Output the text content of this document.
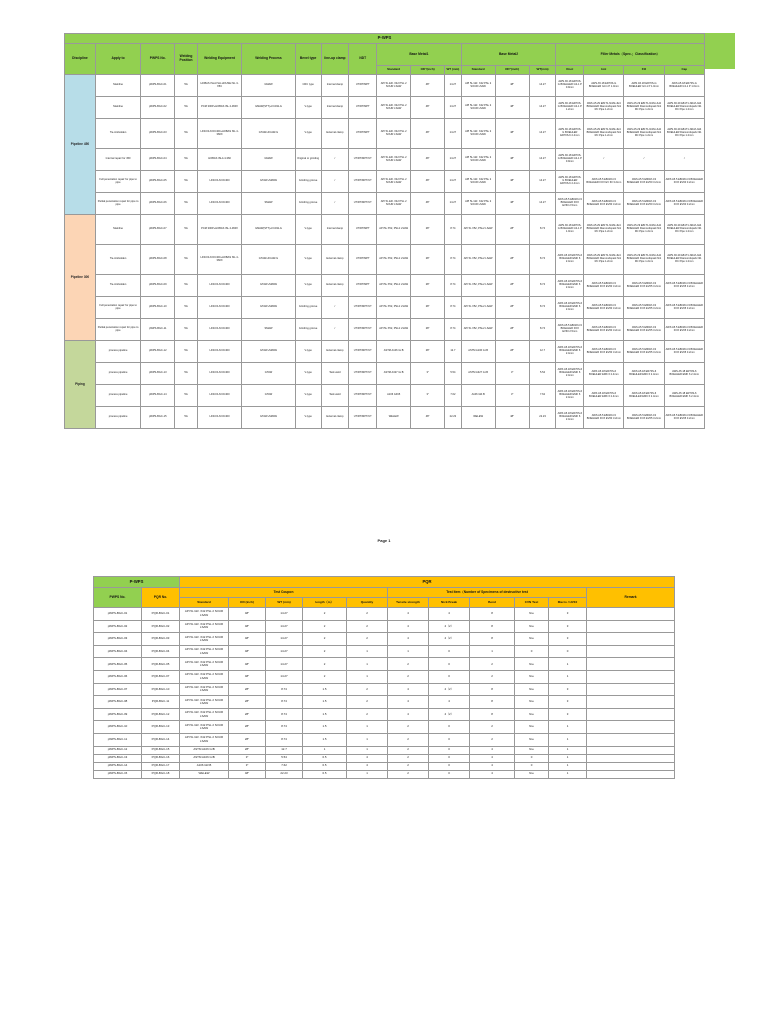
P-WPS																		
Discipline	Apply to	PWPS No.	Welding Position	Welding Equipment	Welding Process	Bevel type	line-up clamp	NDT	Base Metal1			Base Metal2			Filler Metals（Spec.；Classification）			
									Standard	OD"(inch)	WT (mm)	Standard	OD"(inch)	WT(mm)	Root	Hot	Fill	Cap
Pipeline 450	Mainline	pWPS-BGC-01	5G	HOBAS ISLA ISH-HOUSE ISL 3-X5C	GMAW	CRC type	Internal clamp	UT/RT/MPT	API 5L ER. X42 PSL 2 SOUR LSAW	48"	14.27	API 5L GR. X42 PSL 2 SOUR LSAW	48"	14.27	AWS A5.18 ER70S-G BOEHLER G3-1 P 0.9mm	AWS A5.18 ER70S-G BOEHLER G3-1 P 1.0mm	AWS A5.18 ER70S-G BOEHLER G3-1 P 1.0mm	AWS A5.18 ER70S-G BOEHLER G3-1 P 1.0mm
	Mainline	pWPS-BGC-02	5G	PCM 300P+HOBAS ISL 4-360X	GMAW(STT)+FCAW-G	V-type	Internal clamp	UT/RT/MPT	API 5L ER. X42 PSL 2 SOUR LSAW	48"	14.27	API 5L GR. X42 PSL 2 SOUR LSAW	48"	14.27	AWS A5.18 ER70S-G BOEHLER G3-1 P 1.2mm	AWS A5.29 E81T1-Ni1M-JH4 BOEHLER Diamondspark Ni1 RC Pipe 1.2mm	AWS A5.29 E81T1-Ni1M-JH4 BOEHLER Diamondspark Ni1 RC Pipe 1.2mm	AWS A5.29 E81T1-Ni1M-JH4 BOEHLER Diamondspark Ni1 RC Pipe 1.2mm
	Tie-in&Golden	pWPS-BGC-03	5G	LINCOLN DC400+HOBAS ISL 4-360X	GTAW+FCAW-G	V-type	External clamp	UT/RT/MPT	API 5L ER. X42 PSL 2 SOUR LSAW	48"	14.27	API 5L GR. X42 PSL 2 SOUR LSAW	48"	14.27	AWS A5.18 ER70S-G BOEHLER ER70S-6 2.4mm	AWS A5.29 E81T1-Ni1M-JH4 BOEHLER Diamondspark Ni1 RC Pipe 1.2mm	AWS A5.29 E81T1-Ni1M-JH4 BOEHLER Diamondspark Ni1 RC Pipe 1.2mm	AWS A5.29 E81T1-Ni1M-JH4 BOEHLER Diamondspark Ni1 RC Pipe 1.2mm
	Internal repair for 450	pWPS-BGC-04	5G	HOBAS ISLA 4-360	GMAW	Original or grinding	/	UT/RT/MPT/UT	API 5L ER. X42 PSL 2 SOUR LSAW	48"	14.27	API 5L GR. X42 PSL 2 SOUR LSAW	48"	14.27	AWS A5.18 ER70S-G BOEHLER G3-1 P 0.9mm	/	/	/
	Full penetration repair for pipe to pipe	pWPS-BGC-05	5G	LINCOLN DC400	GTAW+SMAW	Grinding groove	/	UT/RT/MPT/UT	API 5L ER. X42 PSL 2 SOUR LSAW	48"	14.27	API 5L GR. X42 PSL 2 SOUR LSAW	48"	14.27	AWS A5.18 ER70S-G BOEHLER ER70S-6 2.4mm	AWS A5.5 E8018-C3 BOEHLER FOX EV 60 3.2mm	AWS A5.5 E8018-C3 BOEHLER FOX EV60 3.2mm	AWS A5.5 E8018-C3 BOEHLER FOX EV60 3.2mm
	Partial penetration repair for pipe to pipe	pWPS-BGC-06	5G	LINCOLN DC400	SMAW	Grinding groove	/	UT/RT/MPT/UT	API 5L ER. X42 PSL 2 SOUR LSAW	48"	14.27	API 5L GR. X42 PSL 2 SOUR LSAW	48"	14.27	AWS A5.5 E8018-C3 BOEHLER FOX EV60 2.5mm	AWS A5.5 E8018-C3 BOEHLER FOX EV60 3.2mm	AWS A5.5 E8018-C3 BOEHLER FOX EV60 3.2mm	AWS A5.5 E8018-C3 BOEHLER FOX EV60 3.2mm
Pipeline 300	Mainline	pWPS-BGC-07	5G	PCM 300P+HOBAS ISL 4-360X	GMAW(STT)+FCAW-G	V-type	Internal clamp	UT/RT/MPT	API 5L X52, PSL2 LSAW	28"	8.74	API 5L X52, PSL2 LSAW	28"	8.74	AWS A5.18 ER70S-G BOEHLER G3-1 P 1.0mm	AWS A5.29 E81T1-Ni1M-JH4 BOEHLER Diamondspark Ni1 RC Pipe 1.2mm	AWS A5.29 E81T1-Ni1M-JH4 BOEHLER Diamondspark Ni1 RC Pipe 1.2mm	AWS A5.29 E81T1-Ni1M-JH4 BOEHLER Diamondspark Ni1 RC Pipe 1.2mm
	Tie-in&Golden	pWPS-BGC-08	5G	LINCOLN DC400+HOBAS ISL 4-360X	GTAW+FCAW-G	V-type	External clamp	UT/RT/MPT	API 5L X52, PSL2 LSAW	28"	8.74	API 5L X52, PSL2 LSAW	28"	8.74	AWS A5.18 ER70S-6 BOEHLER EMK 6 2.4mm	AWS A5.29 E81T1-Ni1M-JH4 BOEHLER Diamondspark Ni1 RC Pipe 1.2mm	AWS A5.29 E81T1-Ni1M-JH4 BOEHLER Diamondspark Ni1 RC Pipe 1.2mm	AWS A5.29 E81T1-Ni1M-JH4 BOEHLER Diamondspark Ni1 RC Pipe 1.2mm
	Tie-in&Golden	pWPS-BGC-09	5G	LINCOLN DC400	GTAW+SMAW	V-type	External clamp	UT/RT/MPT	API 5L X52, PSL2 LSAW	28"	8.74	API 5L X52, PSL2 LSAW	28"	8.74	AWS A5.18 ER70S-6 BOEHLER EMK 6 2.4mm	AWS A5.5 E8018-C3 BOEHLER FOX EV60 3.2mm	AWS A5.5 E8018-C3 BOEHLER FOX EV65 3.2mm	AWS A5.5 E8018-C3 BOEHLER FOX EV65 3.2mm
	Full penetration repair for pipe to pipe	pWPS-BGC-10	5G	LINCOLN DC400	GTAW+SMAW	Grinding groove	/	UT/RT/MPT/UT	API 5L X52, PSL2 LSAW	28"	8.74	API 5L X52, PSL2 LSAW	28"	8.74	AWS A5.18 ER70S-6 BOEHLER EMK 6 2.4mm	AWS A5.5 E8018-C3 BOEHLER FOX EV60 3.2mm	AWS A5.5 E8018-C3 BOEHLER FOX EV65 3.2mm	AWS A5.5 E8018-C3 BOEHLER FOX EV65 3.2mm
	Partial penetration repair for pipe to pipe	pWPS-BGC-11	5G	LINCOLN DC400	SMAW	Grinding groove	/	UT/RT/MPT/UT	API 5L X52, PSL2 LSAW	28"	8.74	API 5L X52, PSL2 LSAW	28"	8.74	AWS A5.5 E8018-C3 BOEHLER FOX EV60 2.5mm	AWS A5.5 E8018-C3 BOEHLER FOX EV60 3.2mm	AWS A5.5 E8018-C3 BOEHLER FOX EV65 3.2mm	AWS A5.5 E8018-C3 BOEHLER FOX EV65 3.2mm
Piping	process pipeline	pWPS-BGC-12	5G	LINCOLN DC400	GTAW+SMAW	V-type	External clamp	UT/RT/MPT/UT	ASTM A106 Gr.B	28"	12.7	ASTM A106 Gr.B	28"	12.7	AWS A5.18 ER70S-6 BOEHLER EMK 6 2.4mm	AWS A5.5 E8018-C3 BOEHLER FOX EV60 3.2mm	AWS A5.5 E8018-C3 BOEHLER FOX EV65 3.2mm	AWS A5.5 E8018-C3 BOEHLER FOX EV65 3.2mm
	process pipeline	pWPS-BGC-13	5G	LINCOLN DC400	GTAW	V-type	Tack weld	UT/RT/MPT/UT	ASTM A327 Gr.B	3"	5.54	ASTM A327 Gr.B	3"	5.54	AWS A5.18 ER70S-6 BOEHLER EMK 6 2.4mm	AWS A5.18 ER70S-6 BOEHLER EMK 6 2.4mm	AWS A5.18 ER70S-6 BOEHLER EMK 6 2.4mm	AWS A5.18 ER70S-6 BOEHLER EMK 6 2.4mm
	process pipeline	pWPS-BGC-14	5G	LINCOLN DC400	GTAW	V-type	Tack weld	UT/RT/MPT/UT	A106 GR.B	3"	7.62	A106 GR.B	3"	7.62	AWS A5.18 ER70S-6 BOEHLER EMK 6 2.4mm	AWS A5.18 ER70S-6 BOEHLER EMK 6 2.4mm	AWS A5.18 ER70S-6 BOEHLER EMK 6 2.4mm	AWS A5.18 ER70S-6 BOEHLER EMK 6 2.4mm
	process pipeline	pWPS-BGC-15	5G	LINCOLN DC400	GTAW+SMAW	V-type	External clamp	UT/RT/MPT/UT	WELEW	48"	22.23	WELEW	48"	22.23	AWS A5.18 ER70S-6 BOEHLER EMK 6 2.4mm	AWS A5.5 E8018-C3 BOEHLER FOX EV60 3.2mm	AWS A5.5 E8018-C3 BOEHLER FOX EV65 3.2mm	AWS A5.5 E8018-C3 BOEHLER FOX EV65 3.2mm
Page 1
P-WPS		PQR										
PWPS No.	PQR No.	Test Coupon					Test Item（Number of Specimens of destructive test					Remark
		Standard	OD (inch)	WT (mm)	length（m）	Quantity	Tensile strength	Nick Break	Bend	CVN Test	Macro / HV10	
pWPS-BGC-01	PQR-BGC-01	API 5L GR. X42 PSL 2 SOUR LSAW	48"	14.27	2	2	4	4	8	fine	3	
pWPS-BGC-02	PQR-BGC-02	API 5L GR. X42 PSL 2 SOUR LSAW	48"	14.27	2	2	4	4（2）	8	fine	3	
pWPS-BGC-03	PQR-BGC-03	API 5L GR. X42 PSL 2 SOUR LSAW	48"	14.27	2	2	4	4（2）	8	fine	3	
pWPS-BGC-04	PQR-BGC-04	API 5L GR. X42 PSL 2 SOUR LSAW	48"	14.27	2	1	1	0	1	0	0	
pWPS-BGC-05	PQR-BGC-05	API 5L GR. X42 PSL 2 SOUR LSAW	48"	14.27	2	1	2	0	2	fine	1	
pWPS-BGC-06	PQR-BGC-07	API 5L GR. X42 PSL 2 SOUR LSAW	48"	14.27	2	1	2	0	2	fine	1	
pWPS-BGC-07	PQR-BGC-10	API 5L GR. X42 PSL 2 SOUR LSAW	28"	8.74	1.5	2	4	4（2）	8	fine	3	
pWPS-BGC-08	PQR-BGC-11	API 5L GR. X42 PSL 2 SOUR LSAW	28"	8.74	1.5	2	4	4	8	fine	3	
pWPS-BGC-09	PQR-BGC-12	API 5L GR. X42 PSL 2 SOUR LSAW	28"	8.74	1.5	2	4	4（2）	8	fine	3	
pWPS-BGC-10	PQR-BGC-13	API 5L GR. X42 PSL 2 SOUR LSAW	28"	8.74	1.5	1	2	0	2	fine	1	
pWPS-BGC-11	PQR-BGC-14	API 5L GR. X42 PSL 2 SOUR LSAW	28"	8.74	1.5	1	2	0	2	fine	1	
pWPS-BGC-12	PQR-BGC-15	ASTM A106 GrB	28"	12.7	1	1	2	0	4	fine	1	
pWPS-BGC-13	PQR-BGC-16	ASTM A106 GrB	3"	5.54	0.5	4	2	0	4	0	1	
pWPS-BGC-14	PQR-BGC-17	A106 GR.B	3"	7.62	0.5	4	2	0	4	0	1	
pWPS-BGC-15	PQR-BGC-18	WELEW	48"	22.23	0.5	1	2	0	4	fine	1	
